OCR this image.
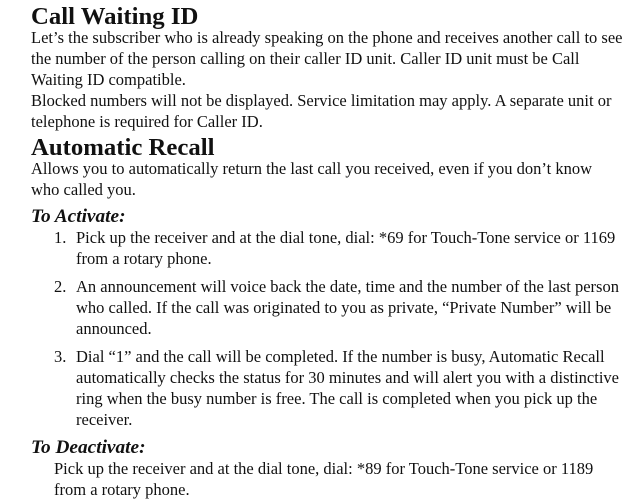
Call Waiting ID

Let’s the subscriber who is already speaking on the phone and receives another call to see the number of the person calling on their caller ID unit. Caller ID unit must be Call Waiting ID compatible.

Blocked numbers will not be displayed. Service limitation may apply. A separate unit or telephone is required for Caller ID.

Automatic Recall

Allows you to automatically return the last call you received, even if you don’t know who called you.

To Activate:
1. Pick up the receiver and at the dial tone, dial: *69 for Touch-Tone service or 1169 from a rotary phone.
2. An announcement will voice back the date, time and the number of the last person who called. If the call was originated to you as private, “Private Number” will be announced.
3. Dial “1” and the call will be completed. If the number is busy, Automatic Recall automatically checks the status for 30 minutes and will alert you with a distinctive ring when the busy number is free. The call is completed when you pick up the receiver.
To Deactivate:

Pick up the receiver and at the dial tone, dial: *89 for Touch-Tone service or 1189 from a rotary phone.
